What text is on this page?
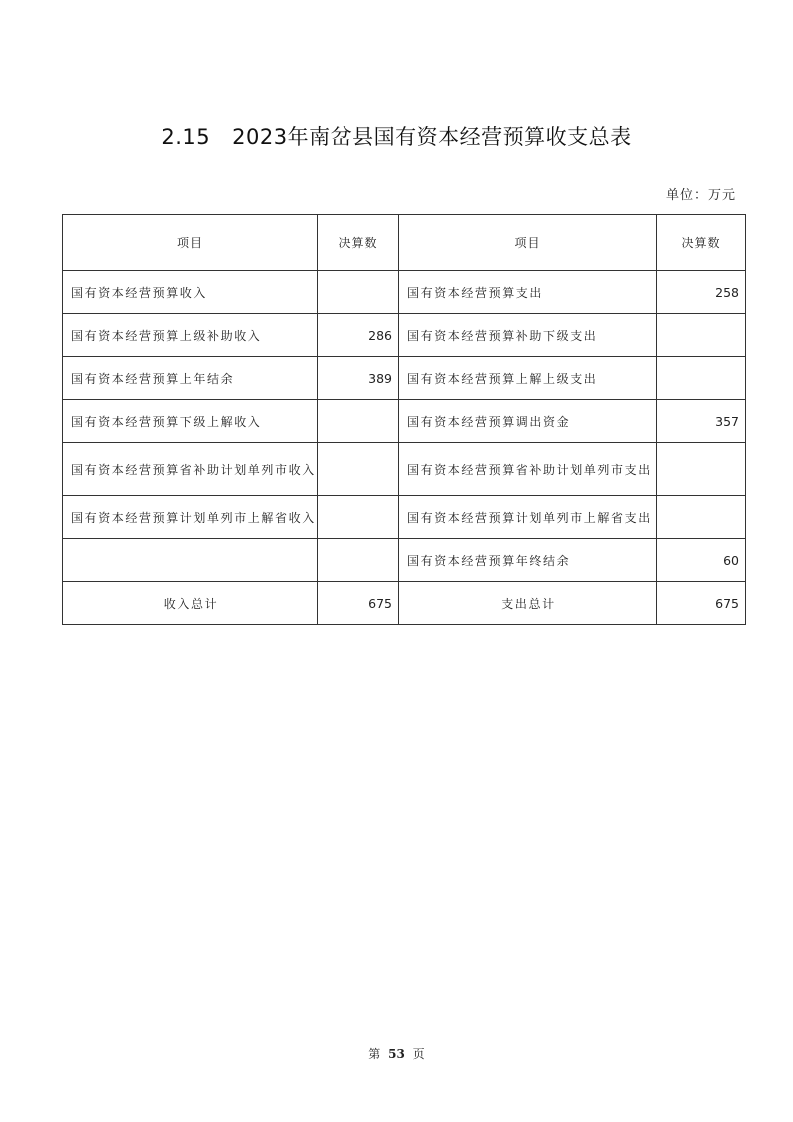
2.15 2023年南岔县国有资本经营预算收支总表
单位：万元
项目	决算数	项目	决算数
国有资本经营预算收入		国有资本经营预算支出	258
国有资本经营预算上级补助收入	286	国有资本经营预算补助下级支出	
国有资本经营预算上年结余	389	国有资本经营预算上解上级支出	
国有资本经营预算下级上解收入		国有资本经营预算调出资金	357
国有资本经营预算省补助计划单列市收入		国有资本经营预算省补助计划单列市支出	
国有资本经营预算计划单列市上解省收入		国有资本经营预算计划单列市上解省支出	
		国有资本经营预算年终结余	60
收入总计	675	支出总计	675
第 53 页
